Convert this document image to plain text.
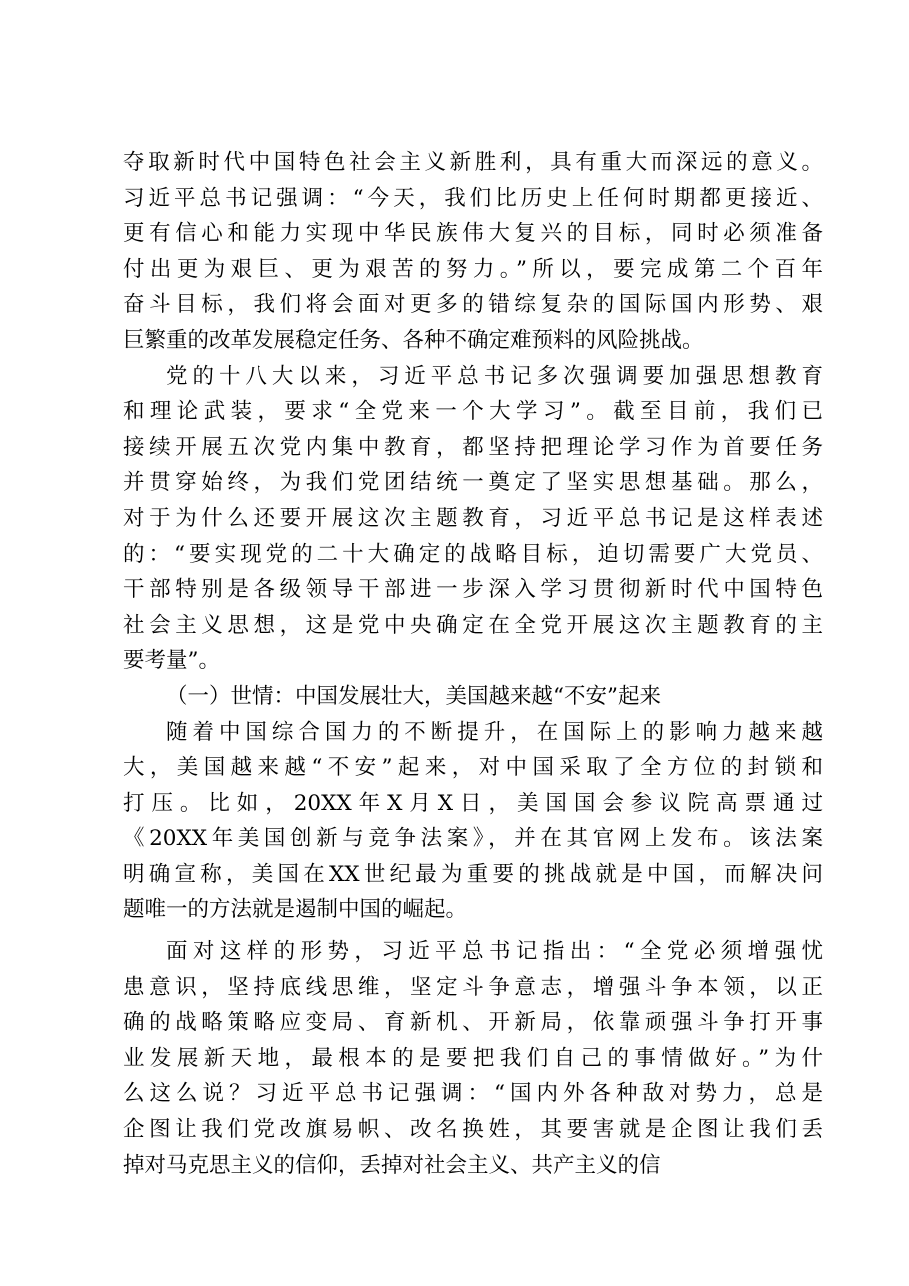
夺取新时代中国特色社会主义新胜利，具有重大而深远的意义。
习近平总书记强调：“今天，我们比历史上任何时期都更接近、
更有信心和能力实现中华民族伟大复兴的目标，同时必须准备
付出更为艰巨、更为艰苦的努力。”所以，要完成第二个百年
奋斗目标，我们将会面对更多的错综复杂的国际国内形势、艰
巨繁重的改革发展稳定任务、各种不确定难预料的风险挑战。
党的十八大以来，习近平总书记多次强调要加强思想教育
和理论武装，要求“全党来一个大学习”。截至目前，我们已
接续开展五次党内集中教育，都坚持把理论学习作为首要任务
并贯穿始终，为我们党团结统一奠定了坚实思想基础。那么，
对于为什么还要开展这次主题教育，习近平总书记是这样表述
的：“要实现党的二十大确定的战略目标，迫切需要广大党员、
干部特别是各级领导干部进一步深入学习贯彻新时代中国特色
社会主义思想，这是党中央确定在全党开展这次主题教育的主
要考量”。
（一）世情：中国发展壮大，美国越来越“不安”起来
随着中国综合国力的不断提升，在国际上的影响力越来越
大，美国越来越“不安”起来，对中国采取了全方位的封锁和
打压。比如，20XX年X月X日，美国国会参议院高票通过
《20XX年美国创新与竞争法案》，并在其官网上发布。该法案
明确宣称，美国在XX世纪最为重要的挑战就是中国，而解决问
题唯一的方法就是遏制中国的崛起。
面对这样的形势，习近平总书记指出：“全党必须增强忧
患意识，坚持底线思维，坚定斗争意志，增强斗争本领，以正
确的战略策略应变局、育新机、开新局，依靠顽强斗争打开事
业发展新天地，最根本的是要把我们自己的事情做好。”为什
么这么说？习近平总书记强调：“国内外各种敌对势力，总是
企图让我们党改旗易帜、改名换姓，其要害就是企图让我们丢
掉对马克思主义的信仰，丢掉对社会主义、共产主义的信
